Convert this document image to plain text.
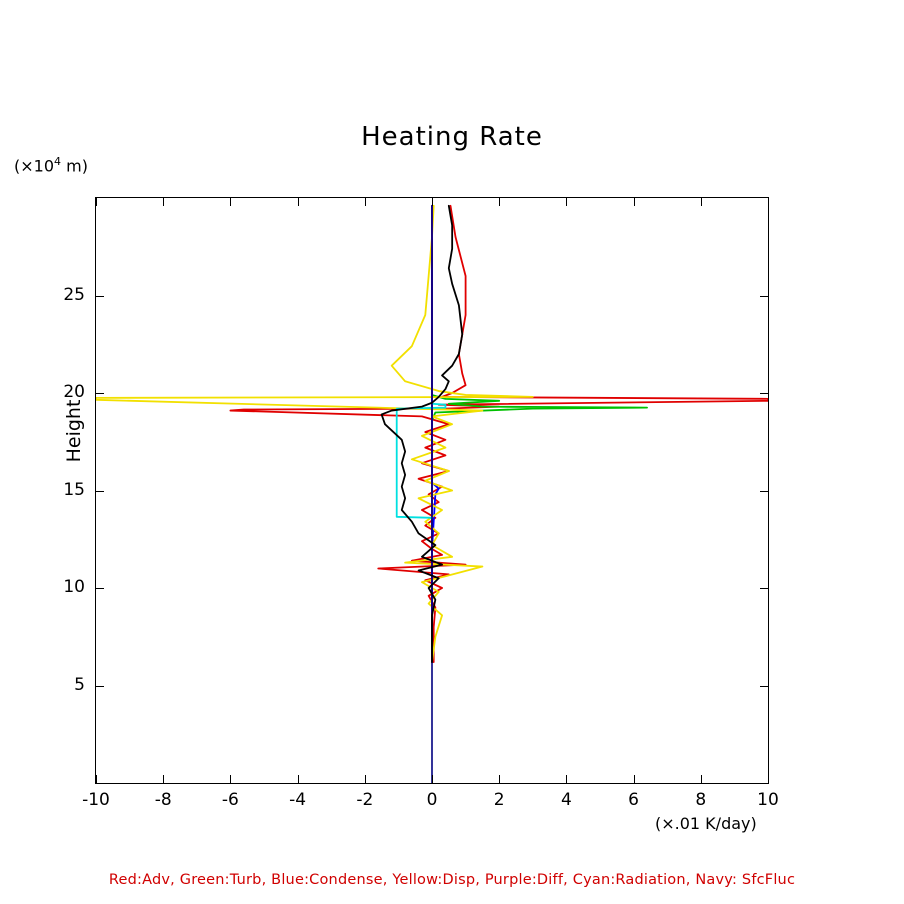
Heating Rate
($\times 10^4$ m)
Height
(×.01 K/day)
-10	-8	-6	-4	-2	0	2	4	6	8	10
5
10
15
20
25
Red:Adv, Green:Turb, Blue:Condense, Yellow:Disp, Purple:Diff, Cyan:Radiation, Navy: SfcFluc
